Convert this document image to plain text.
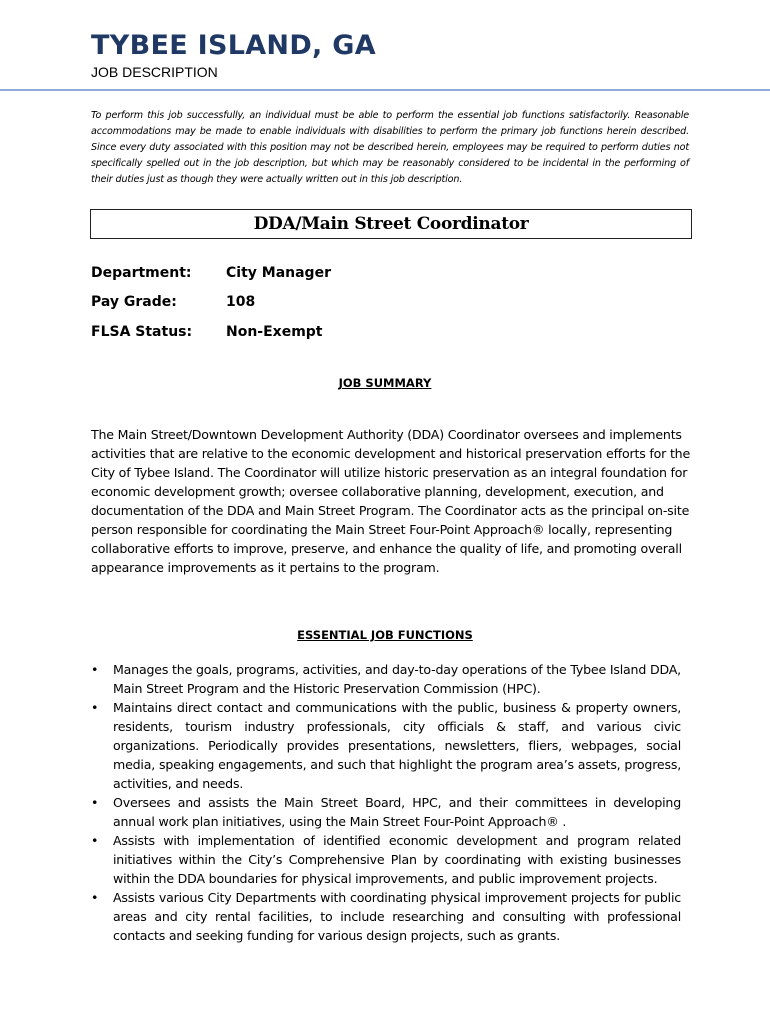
TYBEE ISLAND, GA
JOB DESCRIPTION

To perform this job successfully, an individual must be able to perform the essential job functions satisfactorily. Reasonable accommodations may be made to enable individuals with disabilities to perform the primary job functions herein described. Since every duty associated with this position may not be described herein, employees may be required to perform duties not specifically spelled out in the job description, but which may be reasonably considered to be incidental in the performing of their duties just as though they were actually written out in this job description.

DDA/Main Street Coordinator
Department: City Manager
Pay Grade:	108
FLSA Status: Non-Exempt
JOB SUMMARY

The Main Street/Downtown Development Authority (DDA) Coordinator oversees and implements activities that are relative to the economic development and historical preservation efforts for the City of Tybee Island. The Coordinator will utilize historic preservation as an integral foundation for economic development growth; oversee collaborative planning, development, execution, and documentation of the DDA and Main Street Program. The Coordinator acts as the principal on-site person responsible for coordinating the Main Street Four-Point Approach® locally, representing collaborative efforts to improve, preserve, and enhance the quality of life, and promoting overall appearance improvements as it pertains to the program.

ESSENTIAL JOB FUNCTIONS
• Manages the goals, programs, activities, and day-to-day operations of the Tybee Island DDA, Main Street Program and the Historic Preservation Commission (HPC).
• Maintains direct contact and communications with the public, business & property owners, residents, tourism industry professionals, city officials & staff, and various civic organizations. Periodically provides presentations, newsletters, fliers, webpages, social media, speaking engagements, and such that highlight the program area’s assets, progress, activities, and needs.
• Oversees and assists the Main Street Board, HPC, and their committees in developing annual work plan initiatives, using the Main Street Four-Point Approach® .
• Assists with implementation of identified economic development and program related initiatives within the City’s Comprehensive Plan by coordinating with existing businesses within the DDA boundaries for physical improvements, and public improvement projects.
• Assists various City Departments with coordinating physical improvement projects for public areas and city rental facilities, to include researching and consulting with professional contacts and seeking funding for various design projects, such as grants.
